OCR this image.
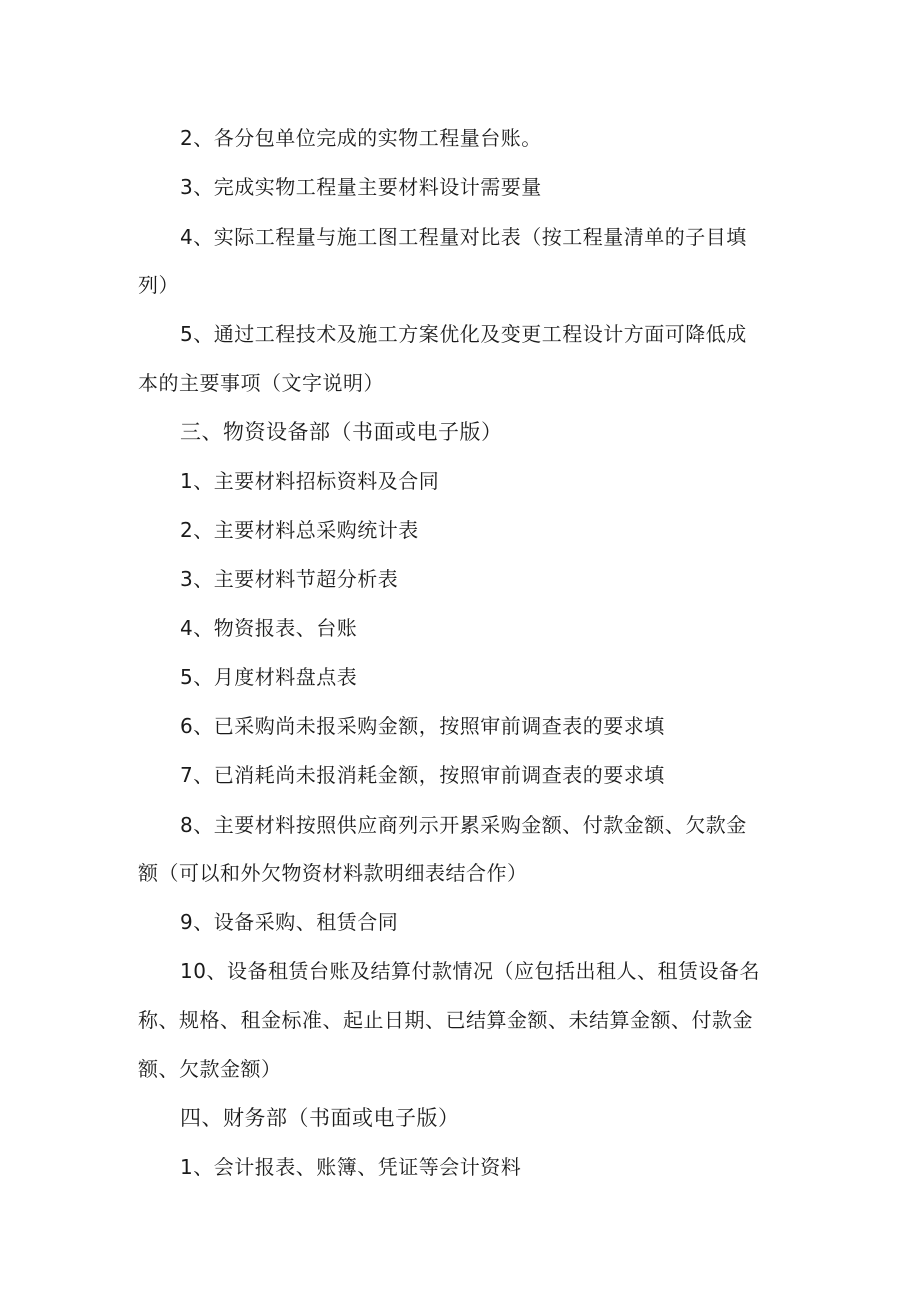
2、各分包单位完成的实物工程量台账。

3、完成实物工程量主要材料设计需要量

4、实际工程量与施工图工程量对比表（按工程量清单的子目填

列）

5、通过工程技术及施工方案优化及变更工程设计方面可降低成

本的主要事项（文字说明）

三、物资设备部（书面或电子版）

1、主要材料招标资料及合同

2、主要材料总采购统计表

3、主要材料节超分析表

4、物资报表、台账

5、月度材料盘点表

6、已采购尚未报采购金额，按照审前调查表的要求填

7、已消耗尚未报消耗金额，按照审前调查表的要求填

8、主要材料按照供应商列示开累采购金额、付款金额、欠款金

额（可以和外欠物资材料款明细表结合作）

9、设备采购、租赁合同

10、设备租赁台账及结算付款情况（应包括出租人、租赁设备名

称、规格、租金标准、起止日期、已结算金额、未结算金额、付款金

额、欠款金额）

四、财务部（书面或电子版）

1、会计报表、账簿、凭证等会计资料
